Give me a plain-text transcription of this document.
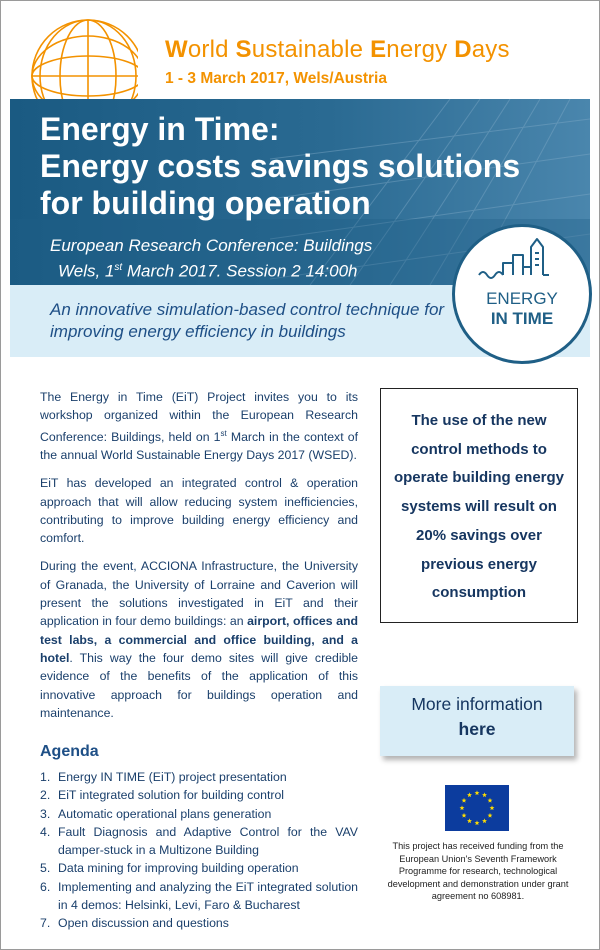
World Sustainable Energy Days
1 - 3 March 2017, Wels/Austria
Energy in Time:
Energy costs savings solutions
for building operation
European Research Conference: Buildings
Wels, 1st March 2017. Session 2 14:00h
An innovative simulation-based control technique for improving energy efficiency in buildings
ENERGY
IN TIME

The Energy in Time (EiT) Project invites you to its workshop organized within the European Research Conference: Buildings, held on 1st March in the context of the annual World Sustainable Energy Days 2017 (WSED).

EiT has developed an integrated control & operation approach that will allow reducing system inefficiencies, contributing to improve building energy efficiency and comfort.

During the event, ACCIONA Infrastructure, the University of Granada, the University of Lorraine and Caverion will present the solutions investigated in EiT and their application in four demo buildings: an airport, offices and test labs, a commercial and office building, and a hotel. This way the four demo sites will give credible evidence of the benefits of the application of this innovative approach for buildings operation and maintenance.

The use of the new control methods to operate building energy systems will result on 20% savings over previous energy consumption
More information
here
This project has received funding from the European Union's Seventh Framework Programme for research, technological development and demonstration under grant agreement no 608981.
Agenda
1. Energy IN TIME (EiT) project presentation
2. EiT integrated solution for building control
3. Automatic operational plans generation
4. Fault Diagnosis and Adaptive Control for the VAV damper-stuck in a Multizone Building
5. Data mining for improving building operation
6. Implementing and analyzing the EiT integrated solution in 4 demos: Helsinki, Levi, Faro & Bucharest
7. Open discussion and questions
